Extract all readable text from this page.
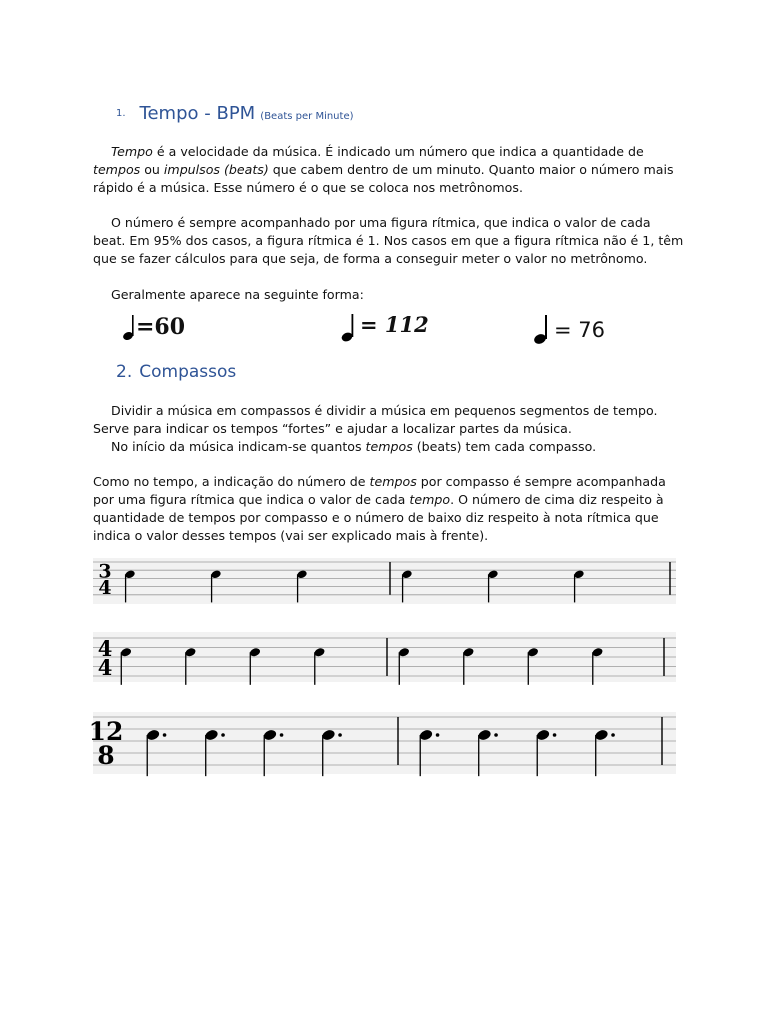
1. Tempo - BPM (Beats per Minute)
Tempo é a velocidade da música. É indicado um número que indica a quantidade de
tempos ou impulsos (beats) que cabem dentro de um minuto. Quanto maior o número mais
rápido é a música. Esse número é o que se coloca nos metrônomos.
O número é sempre acompanhado por uma figura rítmica, que indica o valor de cada
beat. Em 95% dos casos, a figura rítmica é 1. Nos casos em que a figura rítmica não é 1, têm
que se fazer cálculos para que seja, de forma a conseguir meter o valor no metrônomo.
Geralmente aparece na seguinte forma:
=60	= 112	= 76
2. Compassos
Dividir a música em compassos é dividir a música em pequenos segmentos de tempo.
Serve para indicar os tempos “fortes” e ajudar a localizar partes da música.
No início da música indicam-se quantos tempos (beats) tem cada compasso.
Como no tempo, a indicação do número de tempos por compasso é sempre acompanhada
por uma figura rítmica que indica o valor de cada tempo. O número de cima diz respeito à
quantidade de tempos por compasso e o número de baixo diz respeito à nota rítmica que
indica o valor desses tempos (vai ser explicado mais à frente).
3
4
4
4
12
8
